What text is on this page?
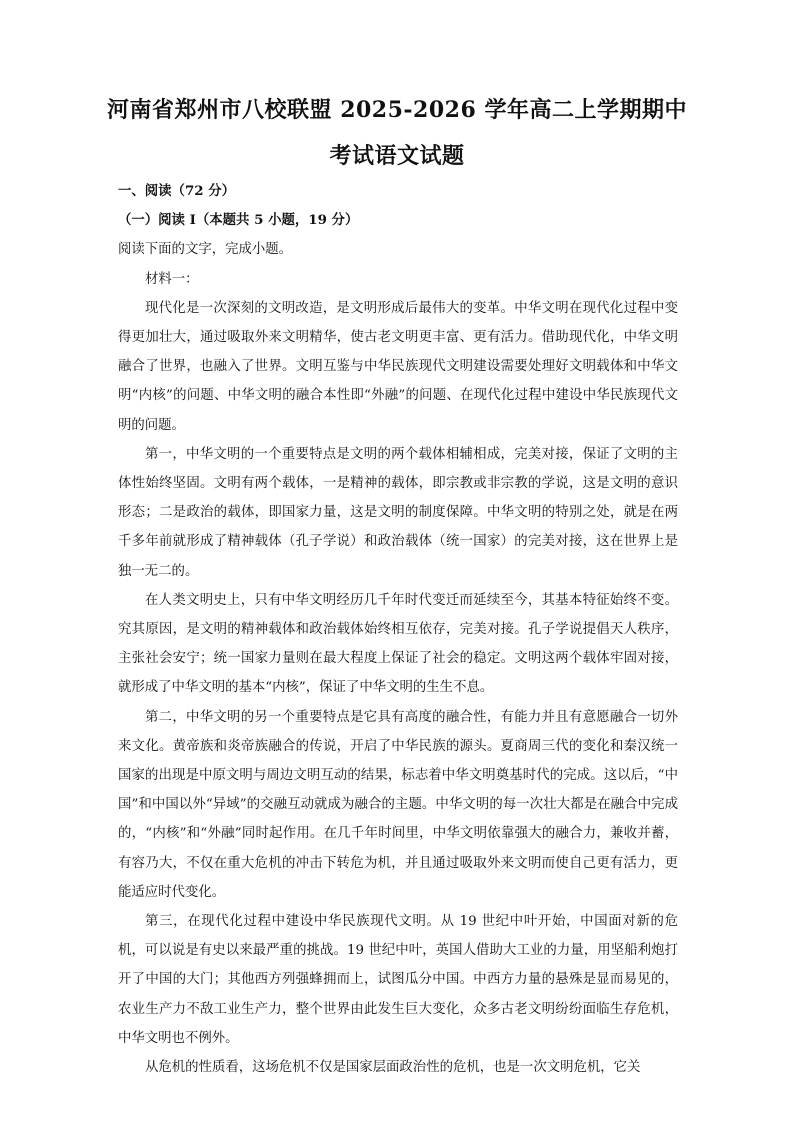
河南省郑州市八校联盟 2025-2026 学年高二上学期期中
考试语文试题
一、阅读（72 分）
（一）阅读 I（本题共 5 小题，19 分）
阅读下面的文字，完成小题。
材料一：

现代化是一次深刻的文明改造，是文明形成后最伟大的变革。中华文明在现代化过程中变得更加壮大，通过吸取外来文明精华，使古老文明更丰富、更有活力。借助现代化，中华文明融合了世界，也融入了世界。文明互鉴与中华民族现代文明建设需要处理好文明载体和中华文明“内核”的问题、中华文明的融合本性即“外融”的问题、在现代化过程中建设中华民族现代文明的问题。

第一，中华文明的一个重要特点是文明的两个载体相辅相成，完美对接，保证了文明的主体性始终坚固。文明有两个载体，一是精神的载体，即宗教或非宗教的学说，这是文明的意识形态；二是政治的载体，即国家力量，这是文明的制度保障。中华文明的特别之处，就是在两千多年前就形成了精神载体（孔子学说）和政治载体（统一国家）的完美对接，这在世界上是独一无二的。

在人类文明史上，只有中华文明经历几千年时代变迁而延续至今，其基本特征始终不变。究其原因，是文明的精神载体和政治载体始终相互依存，完美对接。孔子学说提倡天人秩序，主张社会安宁；统一国家力量则在最大程度上保证了社会的稳定。文明这两个载体牢固对接，就形成了中华文明的基本“内核”，保证了中华文明的生生不息。

第二，中华文明的另一个重要特点是它具有高度的融合性，有能力并且有意愿融合一切外来文化。黄帝族和炎帝族融合的传说，开启了中华民族的源头。夏商周三代的变化和秦汉统一国家的出现是中原文明与周边文明互动的结果，标志着中华文明奠基时代的完成。这以后，“中国”和中国以外“异域”的交融互动就成为融合的主题。中华文明的每一次壮大都是在融合中完成的，“内核”和“外融”同时起作用。在几千年时间里，中华文明依靠强大的融合力，兼收并蓄，有容乃大，不仅在重大危机的冲击下转危为机，并且通过吸取外来文明而使自己更有活力，更能适应时代变化。

第三，在现代化过程中建设中华民族现代文明。从 19 世纪中叶开始，中国面对新的危机，可以说是有史以来最严重的挑战。19 世纪中叶，英国人借助大工业的力量，用坚船利炮打开了中国的大门；其他西方列强蜂拥而上，试图瓜分中国。中西方力量的悬殊是显而易见的，农业生产力不敌工业生产力，整个世界由此发生巨大变化，众多古老文明纷纷面临生存危机，中华文明也不例外。

从危机的性质看，这场危机不仅是国家层面政治性的危机，也是一次文明危机，它关
